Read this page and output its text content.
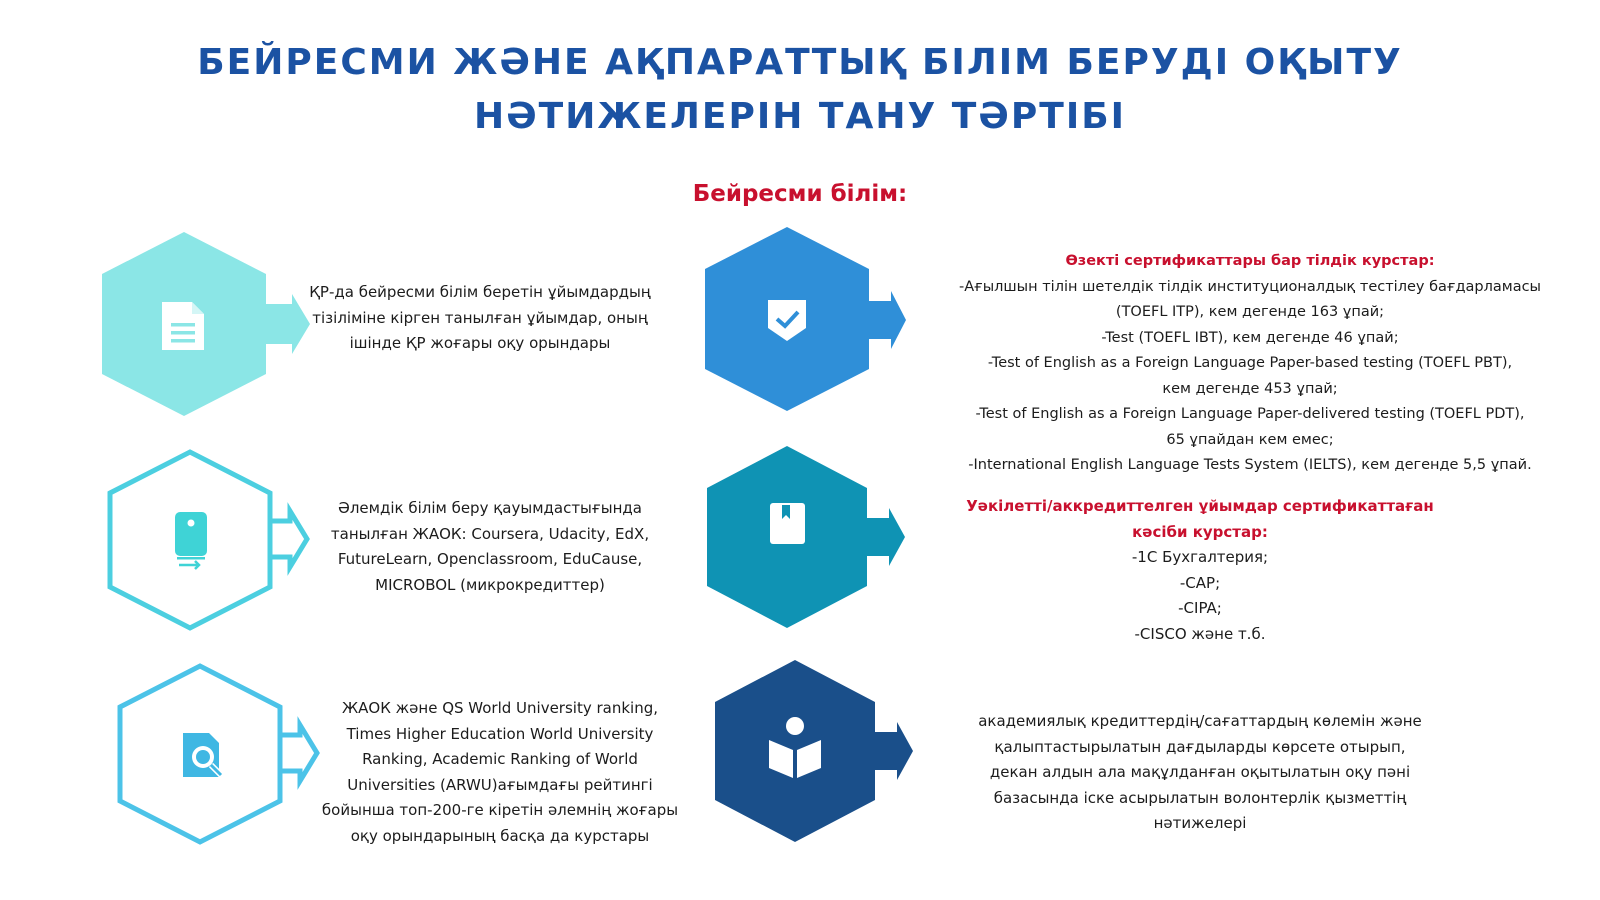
БЕЙРЕСМИ ЖӘНЕ АҚПАРАТТЫҚ БІЛІМ БЕРУДІ ОҚЫТУ
НӘТИЖЕЛЕРІН ТАНУ ТӘРТІБІ
Бейресми білім:
ҚР-да бейресми білім беретін ұйымдардың
тізіліміне кірген танылған ұйымдар, оның
ішінде ҚР жоғары оқу орындары
Әлемдік білім беру қауымдастығында
танылған ЖАОК: Coursera, Udacity, EdX,
FutureLearn, Openclassroom, EduCause,
MICROBOL (микрокредиттер)
ЖАОК және QS World University ranking,
Times Higher Education World University
Ranking, Academic Ranking of World
Universities (ARWU)ағымдағы рейтингі
бойынша топ-200-ге кіретін әлемнің жоғары
оқу орындарының басқа да курстары
Өзекті сертификаттары бар тілдік курстар:
-Ағылшын тілін шетелдік тілдік институционалдық тестілеу бағдарламасы
(TOEFL ITP), кем дегенде 163 ұпай;
-Test (TOEFL IBT), кем дегенде 46 ұпай;
-Test of English as a Foreign Language Paper-based testing (TOEFL PBT),
кем дегенде 453 ұпай;
-Test of English as a Foreign Language Paper-delivered testing (TOEFL PDT),
65 ұпайдан кем емес;
-International English Language Tests System (IELTS), кем дегенде 5,5 ұпай.
Уәкілетті/аккредиттелген ұйымдар сертификаттаған
кәсіби курстар:
-1С Бухгалтерия;
-CAP;
-CIPA;
-CISCO және т.б.
академиялық кредиттердің/сағаттардың көлемін және
қалыптастырылатын дағдыларды көрсете отырып,
декан алдын ала мақұлданған оқытылатын оқу пәні
базасында іске асырылатын волонтерлік қызметтің
нәтижелері
